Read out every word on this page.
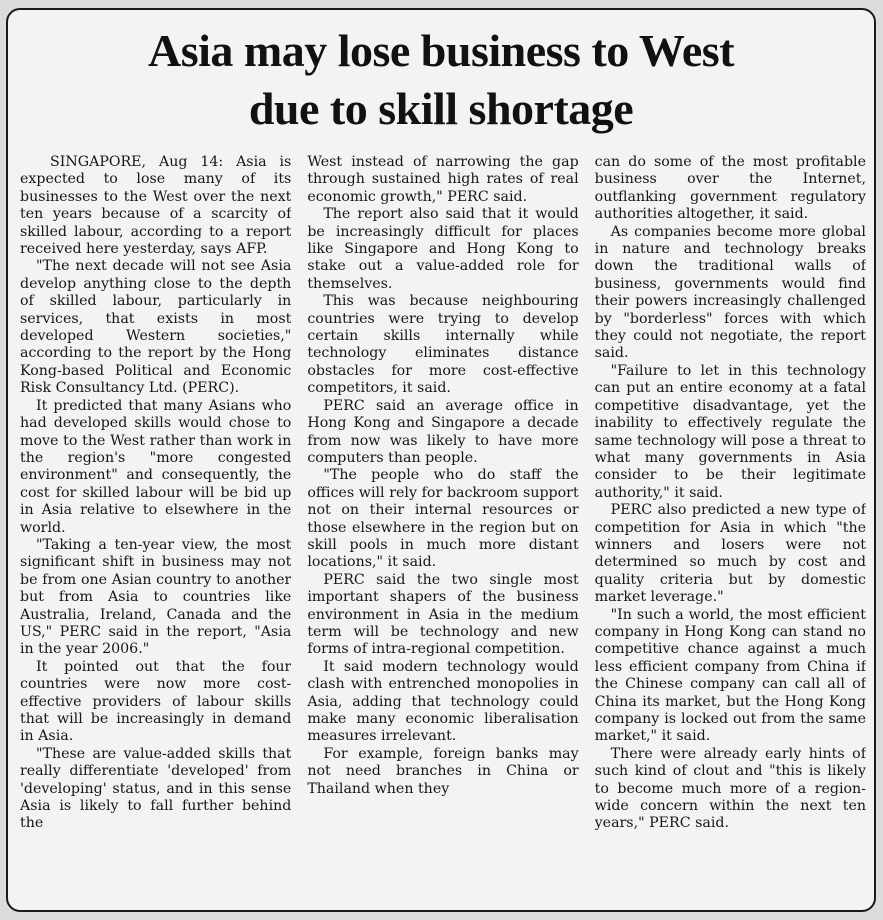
Asia may lose business to West
due to skill shortage

SINGAPORE, Aug 14: Asia is expected to lose many of its businesses to the West over the next ten years because of a scarcity of skilled labour, according to a report received here yesterday, says AFP.

"The next decade will not see Asia develop anything close to the depth of skilled labour, particularly in services, that exists in most developed Western societies," according to the report by the Hong Kong-based Political and Economic Risk Consultancy Ltd. (PERC).

It predicted that many Asians who had developed skills would chose to move to the West rather than work in the region's "more congested environment" and consequently, the cost for skilled labour will be bid up in Asia relative to elsewhere in the world.

"Taking a ten-year view, the most significant shift in business may not be from one Asian country to another but from Asia to countries like Australia, Ireland, Canada and the US," PERC said in the report, "Asia in the year 2006."

It pointed out that the four countries were now more cost-effective providers of labour skills that will be increasingly in demand in Asia.

"These are value-added skills that really differentiate 'developed' from 'developing' status, and in this sense Asia is likely to fall further behind the

West instead of narrowing the gap through sustained high rates of real economic growth," PERC said.

The report also said that it would be increasingly difficult for places like Singapore and Hong Kong to stake out a value-added role for themselves.

This was because neighbouring countries were trying to develop certain skills internally while technology eliminates distance obstacles for more cost-effective competitors, it said.

PERC said an average office in Hong Kong and Singapore a decade from now was likely to have more computers than people.

"The people who do staff the offices will rely for backroom support not on their internal resources or those elsewhere in the region but on skill pools in much more distant locations," it said.

PERC said the two single most important shapers of the business environment in Asia in the medium term will be technology and new forms of intra-regional competition.

It said modern technology would clash with entrenched monopolies in Asia, adding that technology could make many economic liberalisation measures irrelevant.

For example, foreign banks may not need branches in China or Thailand when they

can do some of the most profitable business over the Internet, outflanking government regulatory authorities altogether, it said.

As companies become more global in nature and technology breaks down the traditional walls of business, governments would find their powers increasingly challenged by "borderless" forces with which they could not negotiate, the report said.

"Failure to let in this technology can put an entire economy at a fatal competitive disadvantage, yet the inability to effectively regulate the same technology will pose a threat to what many governments in Asia consider to be their legitimate authority," it said.

PERC also predicted a new type of competition for Asia in which "the winners and losers were not determined so much by cost and quality criteria but by domestic market leverage."

"In such a world, the most efficient company in Hong Kong can stand no competitive chance against a much less efficient company from China if the Chinese company can call all of China its market, but the Hong Kong company is locked out from the same market," it said.

There were already early hints of such kind of clout and "this is likely to become much more of a region-wide concern within the next ten years," PERC said.
